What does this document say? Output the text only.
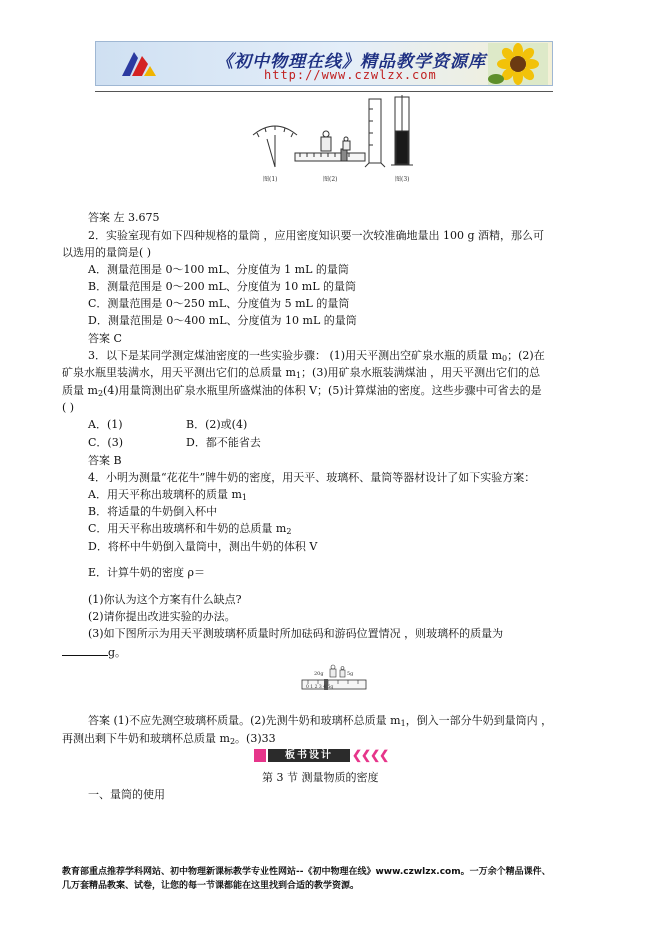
《初中物理在线》精品教学资源库
http://www.czwlzx.com
图(1)	图(2)	图(3)
答案 左 3.675
2．实验室现有如下四种规格的量筒 ，应用密度知识要一次较准确地量出 100 g 酒精，那么可
以选用的量筒是( )
A．测量范围是 0～100 mL、分度值为 1 mL 的量筒
B．测量范围是 0～200 mL、分度值为 10 mL 的量筒
C．测量范围是 0～250 mL、分度值为 5 mL 的量筒
D．测量范围是 0～400 mL、分度值为 10 mL 的量筒
答案 C
3．以下是某同学测定煤油密度的一些实验步骤： (1)用天平测出空矿泉水瓶的质量 $m_0$；(2)在
矿泉水瓶里装满水，用天平测出它们的总质量 $m_1$；(3)用矿泉水瓶装满煤油 ，用天平测出它们的总
质量 $m_2(4)$用量筒测出矿泉水瓶里所盛煤油的体积 V；(5)计算煤油的密度。这些步骤中可省去的是
( )
A．(1)	B．(2)或(4)
C．(3)	D．都不能省去
答案 B
4．小明为测量“花花牛”牌牛奶的密度，用天平、玻璃杯、量筒等器材设计了如下实验方案：
A．用天平称出玻璃杯的质量 $m_1$
B．将适量的牛奶倒入杯中
C．用天平称出玻璃杯和牛奶的总质量 $m_2$
D．将杯中牛奶倒入量筒中，测出牛奶的体积 V
E．计算牛奶的密度 ρ＝
(1)你认为这个方案有什么缺点?
(2)请你提出改进实验的办法。
(3)如下图所示为用天平测玻璃杯质量时所加砝码和游码位置情况 ，则玻璃杯的质量为
g。
20g	5g
0 1 2 3 4 5g
答案 (1)不应先测空玻璃杯质量。(2)先测牛奶和玻璃杯总质量 $m_1$，倒入一部分牛奶到量筒内 ，
再测出剩下牛奶和玻璃杯总质量 $m_2$。(3)33
板书设计	❮❮❮❮
第 3 节 测量物质的密度
一、量筒的使用
教育部重点推荐学科网站、初中物理新课标教学专业性网站--《初中物理在线》www.czwlzx.com。一万余个精品课件、
几万套精品教案、试卷，让您的每一节课都能在这里找到合适的教学资源。
